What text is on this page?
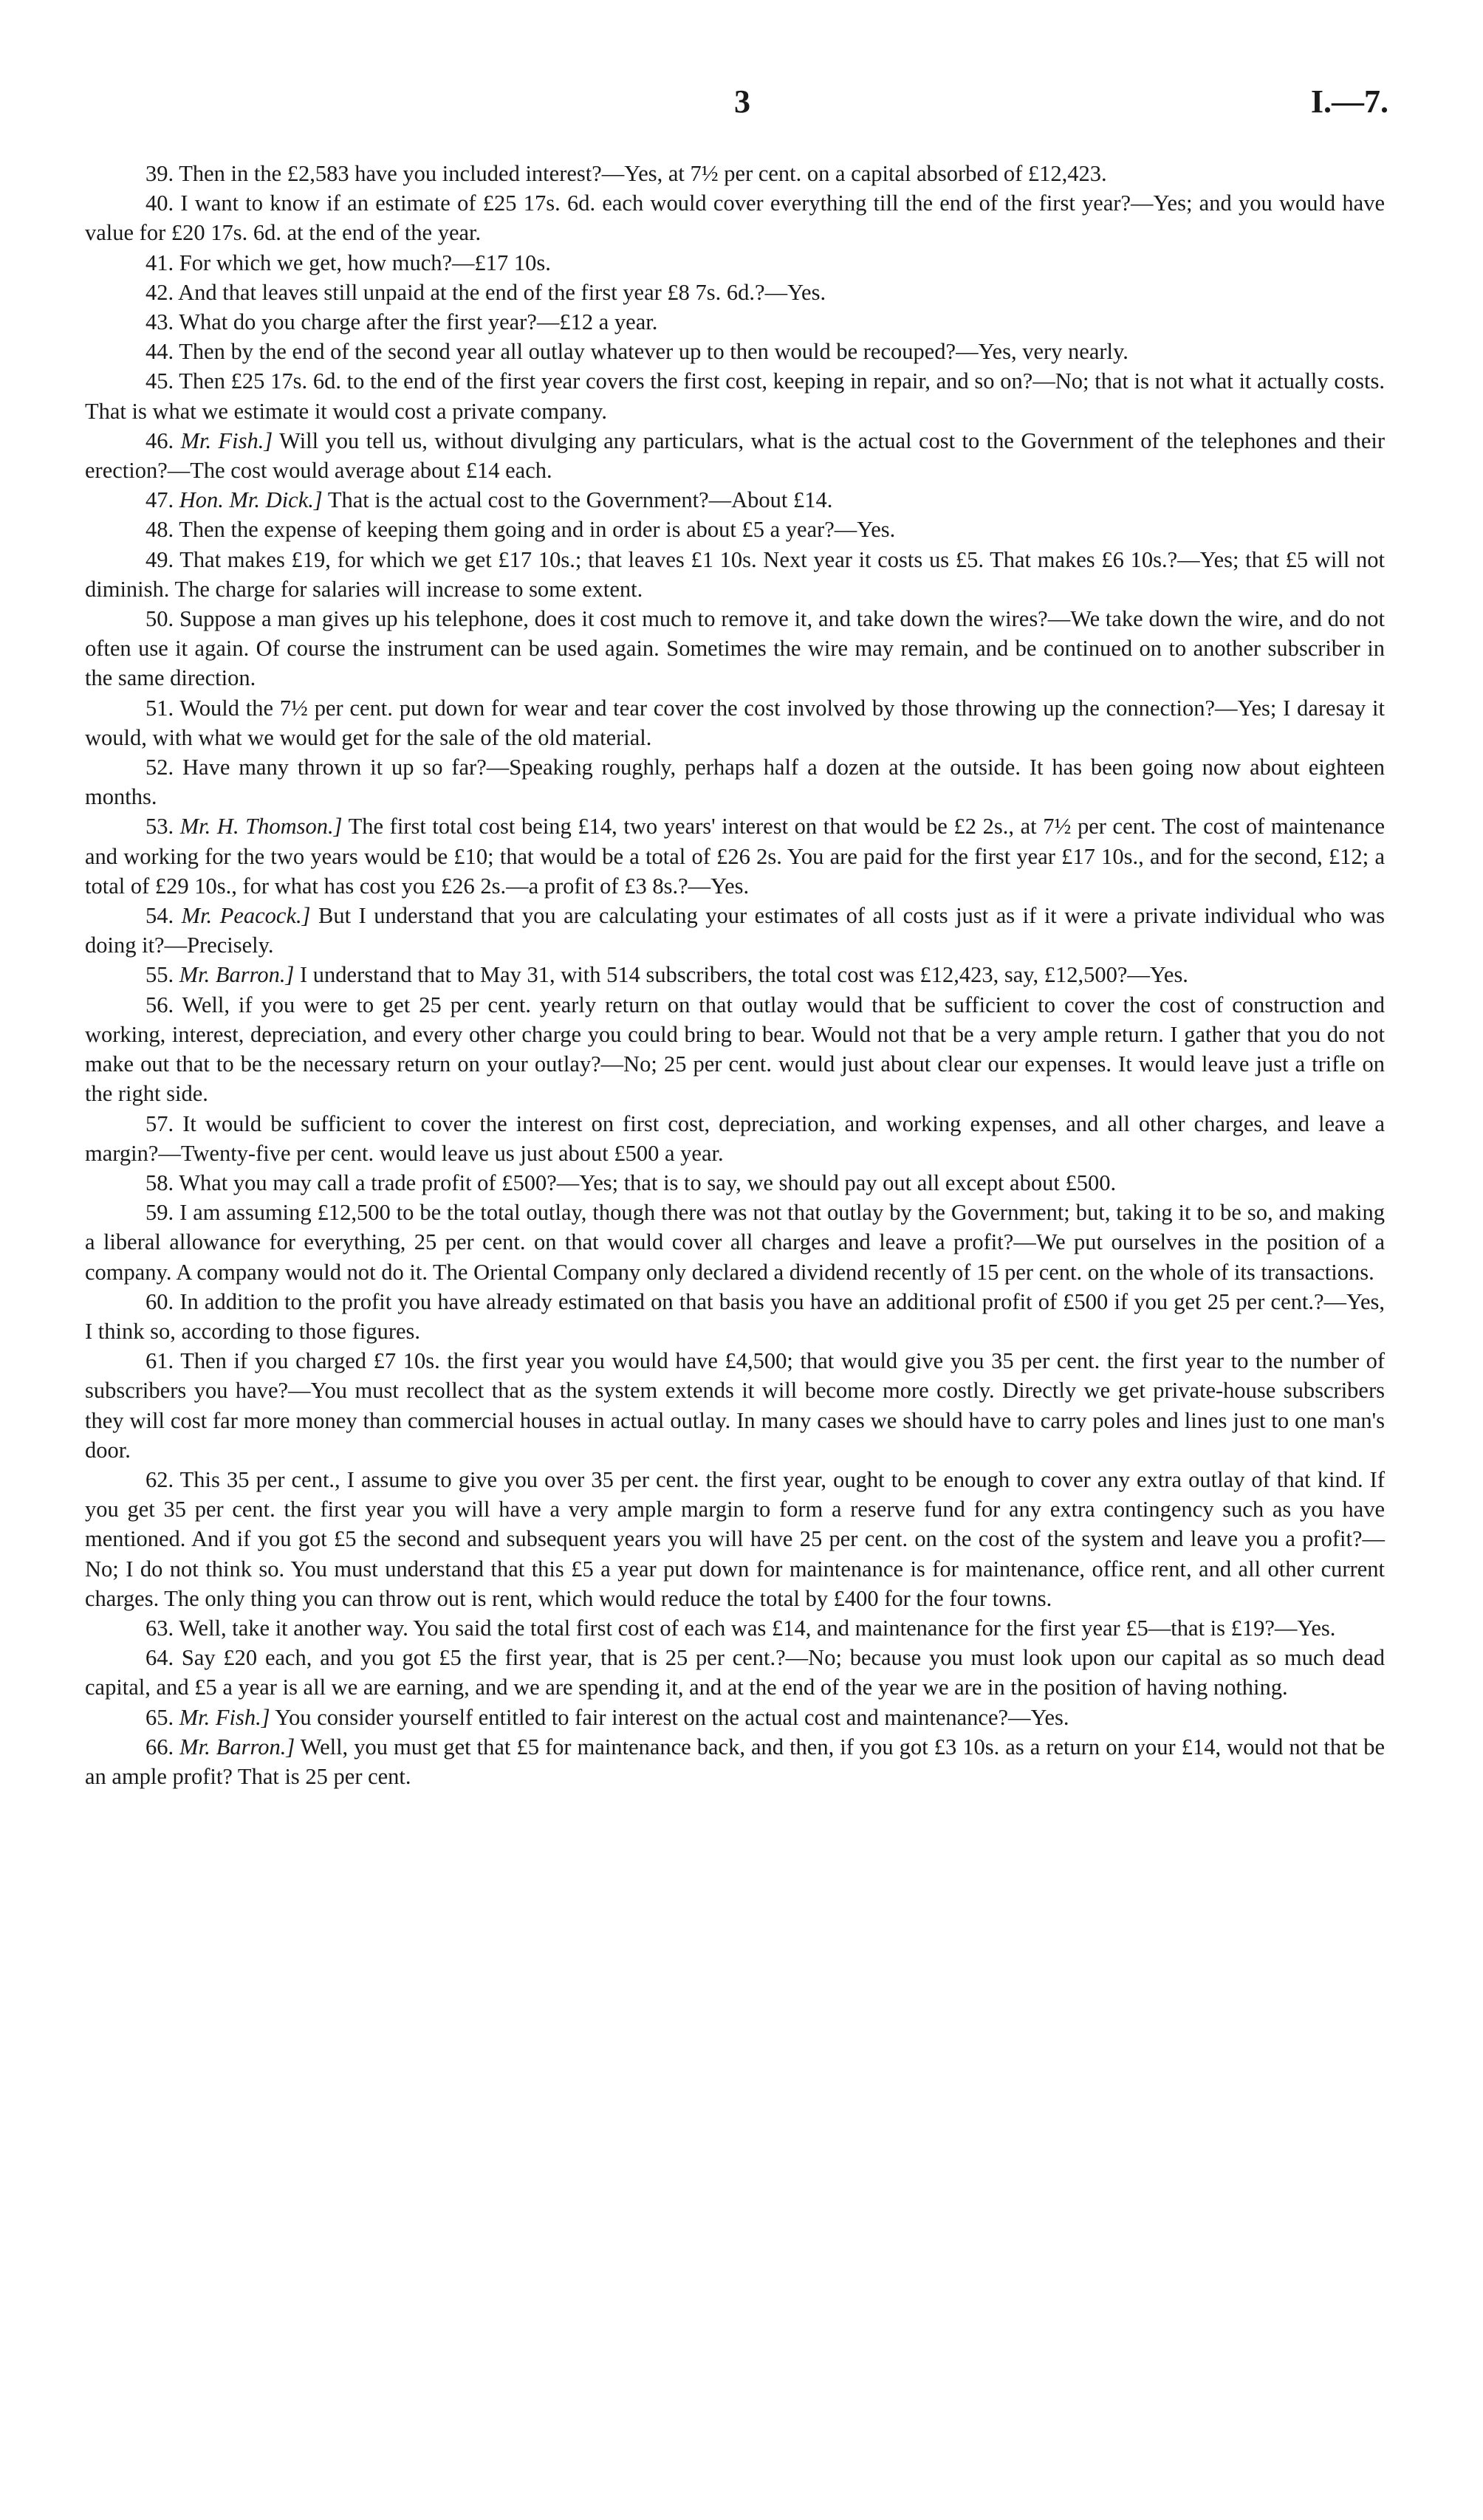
3	I.—7.

39. Then in the £2,583 have you included interest?—Yes, at 7½ per cent. on a capital absorbed of £12,423.

40. I want to know if an estimate of £25 17s. 6d. each would cover everything till the end of the first year?—Yes; and you would have value for £20 17s. 6d. at the end of the year.

41. For which we get, how much?—£17 10s.

42. And that leaves still unpaid at the end of the first year £8 7s. 6d.?—Yes.

43. What do you charge after the first year?—£12 a year.

44. Then by the end of the second year all outlay whatever up to then would be recouped?—Yes, very nearly.

45. Then £25 17s. 6d. to the end of the first year covers the first cost, keeping in repair, and so on?—No; that is not what it actually costs. That is what we estimate it would cost a private company.

46. Mr. Fish.] Will you tell us, without divulging any particulars, what is the actual cost to the Government of the telephones and their erection?—The cost would average about £14 each.

47. Hon. Mr. Dick.] That is the actual cost to the Government?—About £14.

48. Then the expense of keeping them going and in order is about £5 a year?—Yes.

49. That makes £19, for which we get £17 10s.; that leaves £1 10s. Next year it costs us £5. That makes £6 10s.?—Yes; that £5 will not diminish. The charge for salaries will increase to some extent.

50. Suppose a man gives up his telephone, does it cost much to remove it, and take down the wires?—We take down the wire, and do not often use it again. Of course the instrument can be used again. Sometimes the wire may remain, and be continued on to another subscriber in the same direction.

51. Would the 7½ per cent. put down for wear and tear cover the cost involved by those throwing up the connection?—Yes; I daresay it would, with what we would get for the sale of the old material.

52. Have many thrown it up so far?—Speaking roughly, perhaps half a dozen at the outside. It has been going now about eighteen months.

53. Mr. H. Thomson.] The first total cost being £14, two years' interest on that would be £2 2s., at 7½ per cent. The cost of maintenance and working for the two years would be £10; that would be a total of £26 2s. You are paid for the first year £17 10s., and for the second, £12; a total of £29 10s., for what has cost you £26 2s.—a profit of £3 8s.?—Yes.

54. Mr. Peacock.] But I understand that you are calculating your estimates of all costs just as if it were a private individual who was doing it?—Precisely.

55. Mr. Barron.] I understand that to May 31, with 514 subscribers, the total cost was £12,423, say, £12,500?—Yes.

56. Well, if you were to get 25 per cent. yearly return on that outlay would that be sufficient to cover the cost of construction and working, interest, depreciation, and every other charge you could bring to bear. Would not that be a very ample return. I gather that you do not make out that to be the necessary return on your outlay?—No; 25 per cent. would just about clear our expenses. It would leave just a trifle on the right side.

57. It would be sufficient to cover the interest on first cost, depreciation, and working expenses, and all other charges, and leave a margin?—Twenty-five per cent. would leave us just about £500 a year.

58. What you may call a trade profit of £500?—Yes; that is to say, we should pay out all except about £500.

59. I am assuming £12,500 to be the total outlay, though there was not that outlay by the Government; but, taking it to be so, and making a liberal allowance for everything, 25 per cent. on that would cover all charges and leave a profit?—We put ourselves in the position of a company. A company would not do it. The Oriental Company only declared a dividend recently of 15 per cent. on the whole of its transactions.

60. In addition to the profit you have already estimated on that basis you have an additional profit of £500 if you get 25 per cent.?—Yes, I think so, according to those figures.

61. Then if you charged £7 10s. the first year you would have £4,500; that would give you 35 per cent. the first year to the number of subscribers you have?—You must recollect that as the system extends it will become more costly. Directly we get private-house subscribers they will cost far more money than commercial houses in actual outlay. In many cases we should have to carry poles and lines just to one man's door.

62. This 35 per cent., I assume to give you over 35 per cent. the first year, ought to be enough to cover any extra outlay of that kind. If you get 35 per cent. the first year you will have a very ample margin to form a reserve fund for any extra contingency such as you have mentioned. And if you got £5 the second and subsequent years you will have 25 per cent. on the cost of the system and leave you a profit?—No; I do not think so. You must understand that this £5 a year put down for maintenance is for maintenance, office rent, and all other current charges. The only thing you can throw out is rent, which would reduce the total by £400 for the four towns.

63. Well, take it another way. You said the total first cost of each was £14, and maintenance for the first year £5—that is £19?—Yes.

64. Say £20 each, and you got £5 the first year, that is 25 per cent.?—No; because you must look upon our capital as so much dead capital, and £5 a year is all we are earning, and we are spending it, and at the end of the year we are in the position of having nothing.

65. Mr. Fish.] You consider yourself entitled to fair interest on the actual cost and maintenance?—Yes.

66. Mr. Barron.] Well, you must get that £5 for maintenance back, and then, if you got £3 10s. as a return on your £14, would not that be an ample profit? That is 25 per cent.
